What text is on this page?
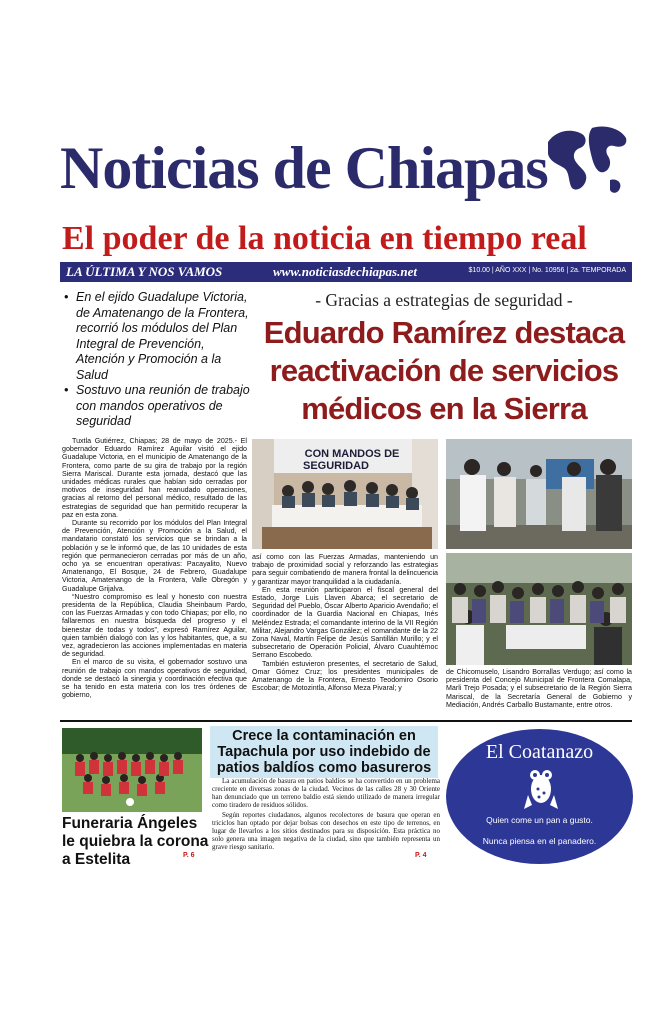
Noticias de Chiapas
El poder de la noticia en tiempo real
LA ÚLTIMA Y NOS VAMOS	www.noticiasdechiapas.net	$10.00 | AÑO XXX | No. 10956 | 2a. TEMPORADA
• En el ejido Guadalupe Victoria, de Amatenango de la Frontera, recorrió los módulos del Plan Integral de Prevención, Atención y Promoción a la Salud
• Sostuvo una reunión de trabajo con mandos operativos de seguridad
- Gracias a estrategias de seguridad -
Eduardo Ramírez destaca reactivación de servicios médicos en la Sierra

Tuxtla Gutiérrez, Chiapas; 28 de mayo de 2025.- El gobernador Eduardo Ramírez Aguilar visitó el ejido Guadalupe Victoria, en el municipio de Amatenango de la Frontera, como parte de su gira de trabajo por la región Sierra Mariscal. Durante esta jornada, destacó que las unidades médicas rurales que habían sido cerradas por motivos de inseguridad han reanudado operaciones, gracias al retorno del personal médico, resultado de las estrategias de seguridad que han permitido recuperar la paz en esta zona.

Durante su recorrido por los módulos del Plan Integral de Prevención, Atención y Promoción a la Salud, el mandatario constató los servicios que se brindan a la población y se le informó que, de las 10 unidades de esta región que permanecieron cerradas por más de un año, ocho ya se encuentran operativas: Pacayalito, Nuevo Amatenango, El Bosque, 24 de Febrero, Guadalupe Victoria, Amatenango de la Frontera, Valle Obregón y Guadalupe Grijalva.

“Nuestro compromiso es leal y honesto con nuestra presidenta de la República, Claudia Sheinbaum Pardo, con las Fuerzas Armadas y con todo Chiapas; por ello, no fallaremos en nuestra búsqueda del progreso y el bienestar de todas y todos”, expresó Ramírez Aguilar, quien también dialogó con las y los habitantes, que, a su vez, agradecieron las acciones implementadas en materia de seguridad.

En el marco de su visita, el gobernador sostuvo una reunión de trabajo con mandos operativos de seguridad, donde se destacó la sinergia y coordinación efectiva que se ha tenido en esta materia con los tres órdenes de gobierno,

CON MANDOS DE
SEGURIDAD

así como con las Fuerzas Armadas, manteniendo un trabajo de proximidad social y reforzando las estrategias para seguir combatiendo de manera frontal la delincuencia y garantizar mayor tranquilidad a la ciudadanía.

En esta reunión participaron el fiscal general del Estado, Jorge Luis Llaven Abarca; el secretario de Seguridad del Pueblo, Óscar Alberto Aparicio Avendaño; el coordinador de la Guardia Nacional en Chiapas, Inés Meléndez Estrada; el comandante interino de la VII Región Militar, Alejandro Vargas González; el comandante de la 22 Zona Naval, Martín Felipe de Jesús Santillán Murillo; y el subsecretario de Operación Policial, Álvaro Cuauhtémoc Serrano Escobedo.

También estuvieron presentes, el secretario de Salud, Omar Gómez Cruz; los presidentes municipales de Amatenango de la Frontera, Ernesto Teodomiro Osorio Escobar; de Motozintla, Alfonso Meza Pivaral; y

de Chicomuselo, Lisandro Borrallas Verdugo; así como la presidenta del Concejo Municipal de Frontera Comalapa, Marli Trejo Posada; y el subsecretario de la Región Sierra Mariscal, de la Secretaría General de Gobierno y Mediación, Andrés Carballo Bustamante, entre otros.

Funeraria Ángeles le quiebra la corona a Estelita	P. 6
Crece la contaminación en Tapachula por uso indebido de patios baldíos como basureros

La acumulación de basura en patios baldíos se ha convertido en un problema creciente en diversas zonas de la ciudad. Vecinos de las calles 28 y 30 Oriente han denunciado que un terreno baldío está siendo utilizado de manera irregular como tiradero de residuos sólidos.

Según reportes ciudadanos, algunos recolectores de basura que operan en triciclos han optado por dejar bolsas con desechos en este tipo de terrenos, en lugar de llevarlos a los sitios destinados para su disposición. Esta práctica no solo genera una imagen negativa de la ciudad, sino que también representa un grave riesgo sanitario.

P. 4
El Coatanazo
Quien come un pan a gusto.
Nunca piensa en el panadero.
